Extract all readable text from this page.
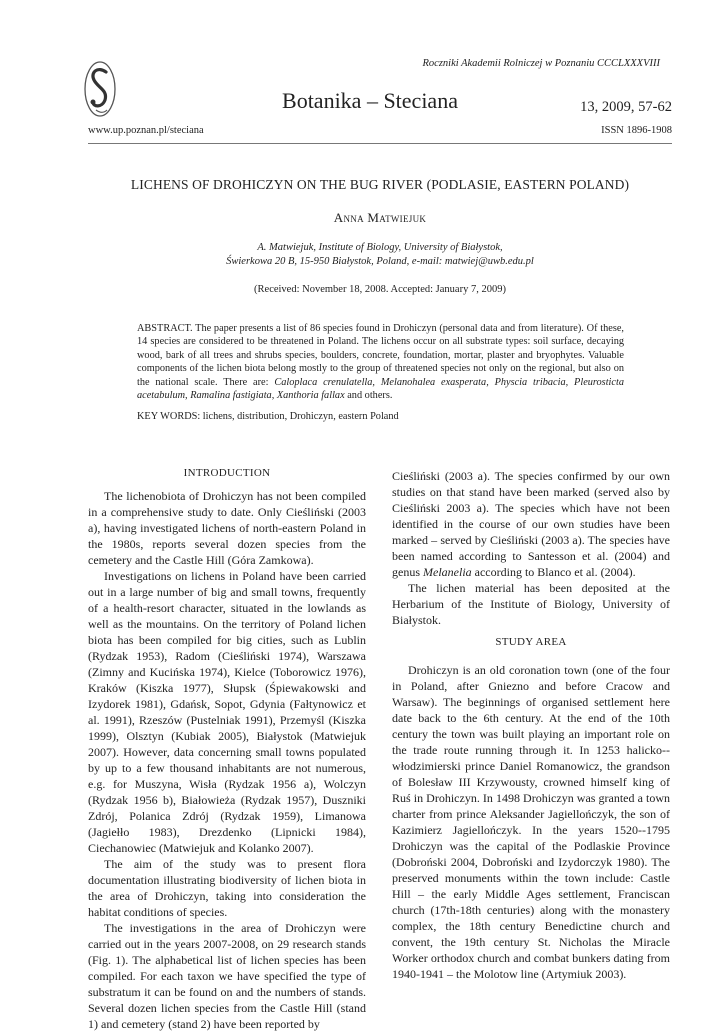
Roczniki Akademii Rolniczej w Poznaniu CCCLXXXVIII
Botanika – Steciana	13, 2009, 57-62
www.up.poznan.pl/steciana	ISSN 1896-1908
LICHENS OF DROHICZYN ON THE BUG RIVER (PODLASIE, EASTERN POLAND)
Anna Matwiejuk
A. Matwiejuk, Institute of Biology, University of Białystok,
Świerkowa 20 B, 15-950 Białystok, Poland, e-mail: matwiej@uwb.edu.pl
(Received: November 18, 2008. Accepted: January 7, 2009)
ABSTRACT. The paper presents a list of 86 species found in Drohiczyn (personal data and from literature). Of these, 14 species are considered to be threatened in Poland. The lichens occur on all substrate types: soil surface, decaying wood, bark of all trees and shrubs species, boulders, concrete, foundation, mortar, plaster and bryophytes. Valuable components of the lichen biota belong mostly to the group of threatened species not only on the regional, but also on the national scale. There are: Caloplaca crenulatella, Melanohalea exasperata, Physcia tribacia, Pleurosticta acetabulum, Ramalina fastigiata, Xanthoria fallax and others.
KEY WORDS: lichens, distribution, Drohiczyn, eastern Poland
INTRODUCTION

The lichenobiota of Drohiczyn has not been compiled in a comprehensive study to date. Only Cieśliński (2003 a), having investigated lichens of north-eastern Poland in the 1980s, reports several dozen species from the cemetery and the Castle Hill (Góra Zamkowa).

Investigations on lichens in Poland have been carried out in a large number of big and small towns, frequently of a health-resort character, situated in the lowlands as well as the mountains. On the territory of Poland lichen biota has been compiled for big cities, such as Lublin (Rydzak 1953), Radom (Cieśliński 1974), Warszawa (Zimny and Kucińska 1974), Kielce (Toborowicz 1976), Kraków (Kiszka 1977), Słupsk (Śpiewakowski and Izydorek 1981), Gdańsk, Sopot, Gdynia (Fałtynowicz et al. 1991), Rzeszów (Pustelniak 1991), Przemyśl (Kiszka 1999), Olsztyn (Kubiak 2005), Białystok (Matwiejuk 2007). However, data concerning small towns populated by up to a few thousand inhabitants are not numerous, e.g. for Muszyna, Wisła (Rydzak 1956 a), Wolczyn (Rydzak 1956 b), Białowieża (Rydzak 1957), Duszniki Zdrój, Polanica Zdrój (Rydzak 1959), Limanowa (Jagiełło 1983), Drezdenko (Lipnicki 1984), Ciechanowiec (Matwiejuk and Kolanko 2007).

The aim of the study was to present flora documentation illustrating biodiversity of lichen biota in the area of Drohiczyn, taking into consideration the habitat conditions of species.

The investigations in the area of Drohiczyn were carried out in the years 2007-2008, on 29 research stands (Fig. 1). The alphabetical list of lichen species has been compiled. For each taxon we have specified the type of substratum it can be found on and the numbers of stands. Several dozen lichen species from the Castle Hill (stand 1) and cemetery (stand 2) have been reported by

Cieśliński (2003 a). The species confirmed by our own studies on that stand have been marked (served also by Cieśliński 2003 a). The species which have not been identified in the course of our own studies have been marked – served by Cieśliński (2003 a). The species have been named according to Santesson et al. (2004) and genus Melanelia according to Blanco et al. (2004).

The lichen material has been deposited at the Herbarium of the Institute of Biology, University of Białystok.

STUDY AREA

Drohiczyn is an old coronation town (one of the four in Poland, after Gniezno and before Cracow and Warsaw). The beginnings of organised settlement here date back to the 6th century. At the end of the 10th century the town was built playing an important role on the trade route running through it. In 1253 halicko--włodzimierski prince Daniel Romanowicz, the grandson of Bolesław III Krzywousty, crowned himself king of Ruś in Drohiczyn. In 1498 Drohiczyn was granted a town charter from prince Aleksander Jagiellończyk, the son of Kazimierz Jagiellończyk. In the years 1520--1795 Drohiczyn was the capital of the Podlaskie Province (Dobroński 2004, Dobroński and Izydorczyk 1980). The preserved monuments within the town include: Castle Hill – the early Middle Ages settlement, Franciscan church (17th-18th centuries) along with the monastery complex, the 18th century Benedictine church and convent, the 19th century St. Nicholas the Miracle Worker orthodox church and combat bunkers dating from 1940-1941 – the Molotow line (Artymiuk 2003).
